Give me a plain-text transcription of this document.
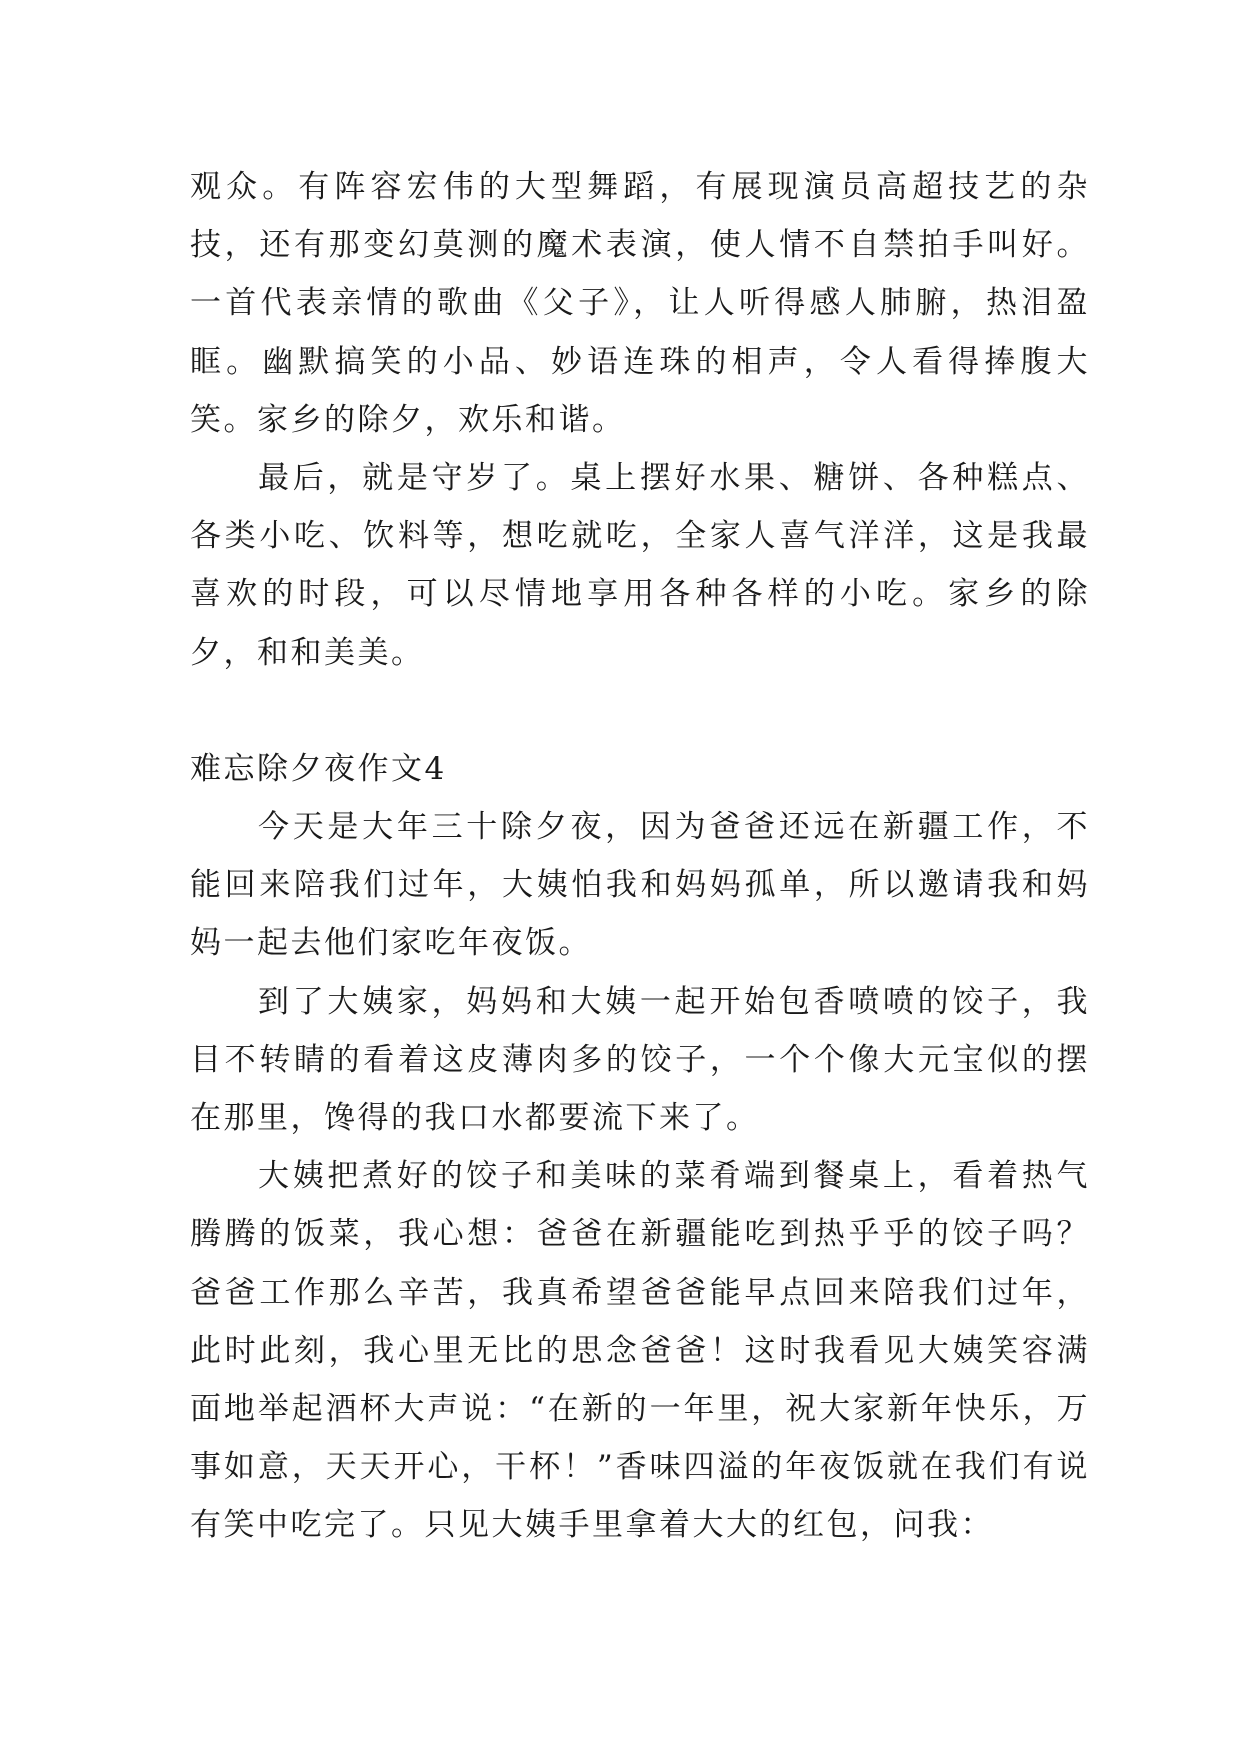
观众。有阵容宏伟的大型舞蹈，有展现演员高超技艺的杂技，还有那变幻莫测的魔术表演，使人情不自禁拍手叫好。一首代表亲情的歌曲《父子》，让人听得感人肺腑，热泪盈眶。幽默搞笑的小品、妙语连珠的相声，令人看得捧腹大笑。家乡的除夕，欢乐和谐。

最后，就是守岁了。桌上摆好水果、糖饼、各种糕点、各类小吃、饮料等，想吃就吃，全家人喜气洋洋，这是我最喜欢的时段，可以尽情地享用各种各样的小吃。家乡的除夕，和和美美。

难忘除夕夜作文4

今天是大年三十除夕夜，因为爸爸还远在新疆工作，不能回来陪我们过年，大姨怕我和妈妈孤单，所以邀请我和妈妈一起去他们家吃年夜饭。

到了大姨家，妈妈和大姨一起开始包香喷喷的饺子，我目不转睛的看着这皮薄肉多的饺子，一个个像大元宝似的摆在那里，馋得的我口水都要流下来了。

大姨把煮好的饺子和美味的菜肴端到餐桌上，看着热气腾腾的饭菜，我心想：爸爸在新疆能吃到热乎乎的饺子吗？爸爸工作那么辛苦，我真希望爸爸能早点回来陪我们过年，此时此刻，我心里无比的思念爸爸！这时我看见大姨笑容满面地举起酒杯大声说：“在新的一年里，祝大家新年快乐，万事如意，天天开心，干杯！”香味四溢的年夜饭就在我们有说有笑中吃完了。只见大姨手里拿着大大的红包，问我：
